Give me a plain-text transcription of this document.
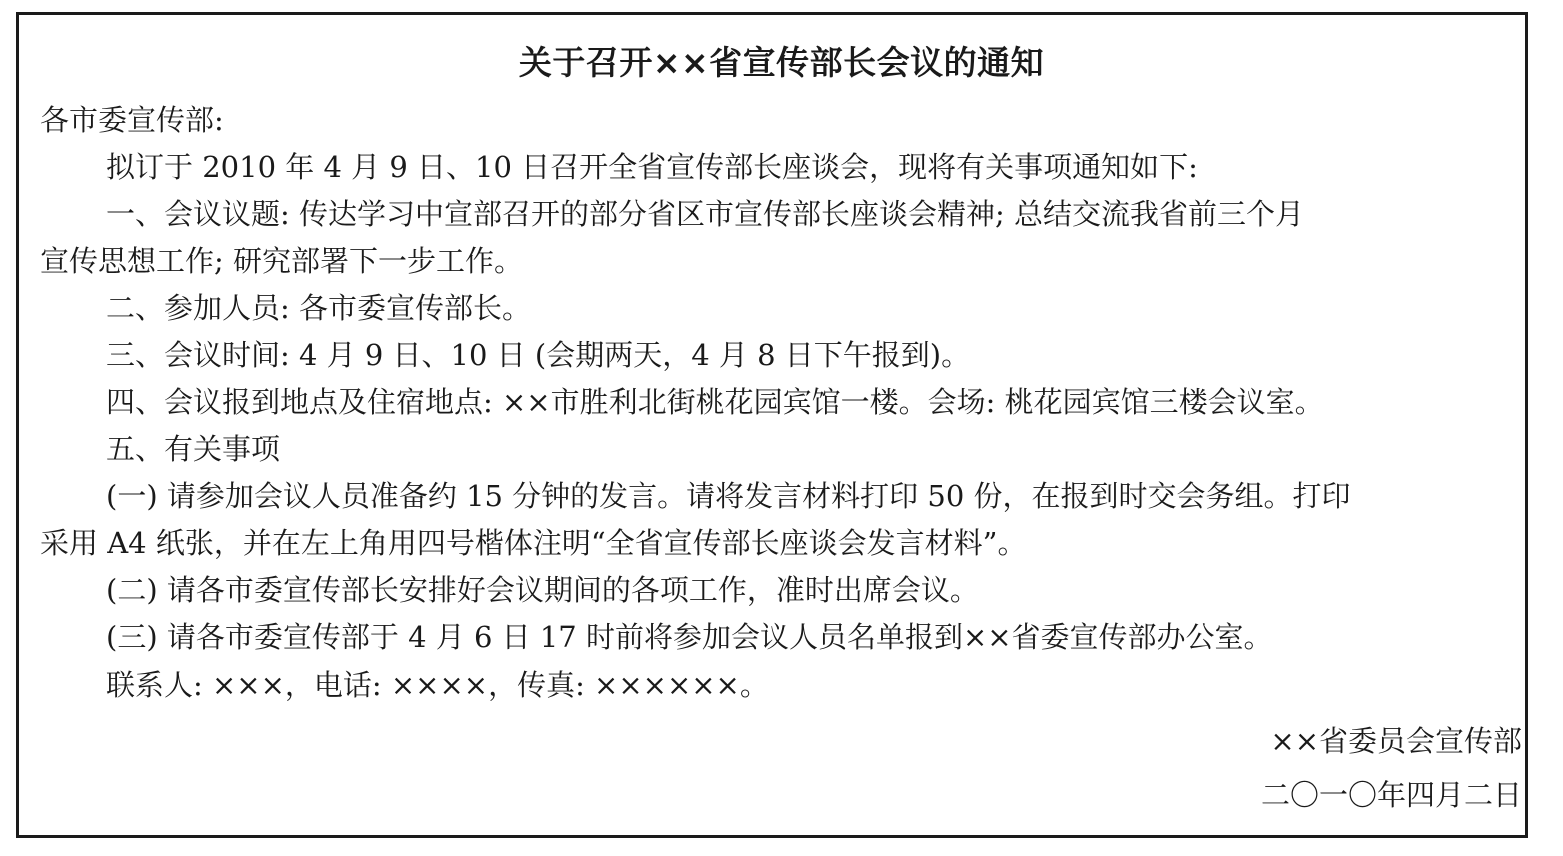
关于召开××省宣传部长会议的通知
各市委宣传部:
拟订于 2010 年 4 月 9 日、10 日召开全省宣传部长座谈会，现将有关事项通知如下:
一、会议议题: 传达学习中宣部召开的部分省区市宣传部长座谈会精神; 总结交流我省前三个月
宣传思想工作; 研究部署下一步工作。
二、参加人员: 各市委宣传部长。
三、会议时间: 4 月 9 日、10 日 (会期两天，4 月 8 日下午报到)。
四、会议报到地点及住宿地点: ××市胜利北街桃花园宾馆一楼。会场: 桃花园宾馆三楼会议室。
五、有关事项
(一) 请参加会议人员准备约 15 分钟的发言。请将发言材料打印 50 份，在报到时交会务组。打印
采用 A4 纸张，并在左上角用四号楷体注明“全省宣传部长座谈会发言材料”。
(二) 请各市委宣传部长安排好会议期间的各项工作，准时出席会议。
(三) 请各市委宣传部于 4 月 6 日 17 时前将参加会议人员名单报到××省委宣传部办公室。
联系人: ×××，电话: ××××，传真: ××××××。
××省委员会宣传部
二〇一〇年四月二日
